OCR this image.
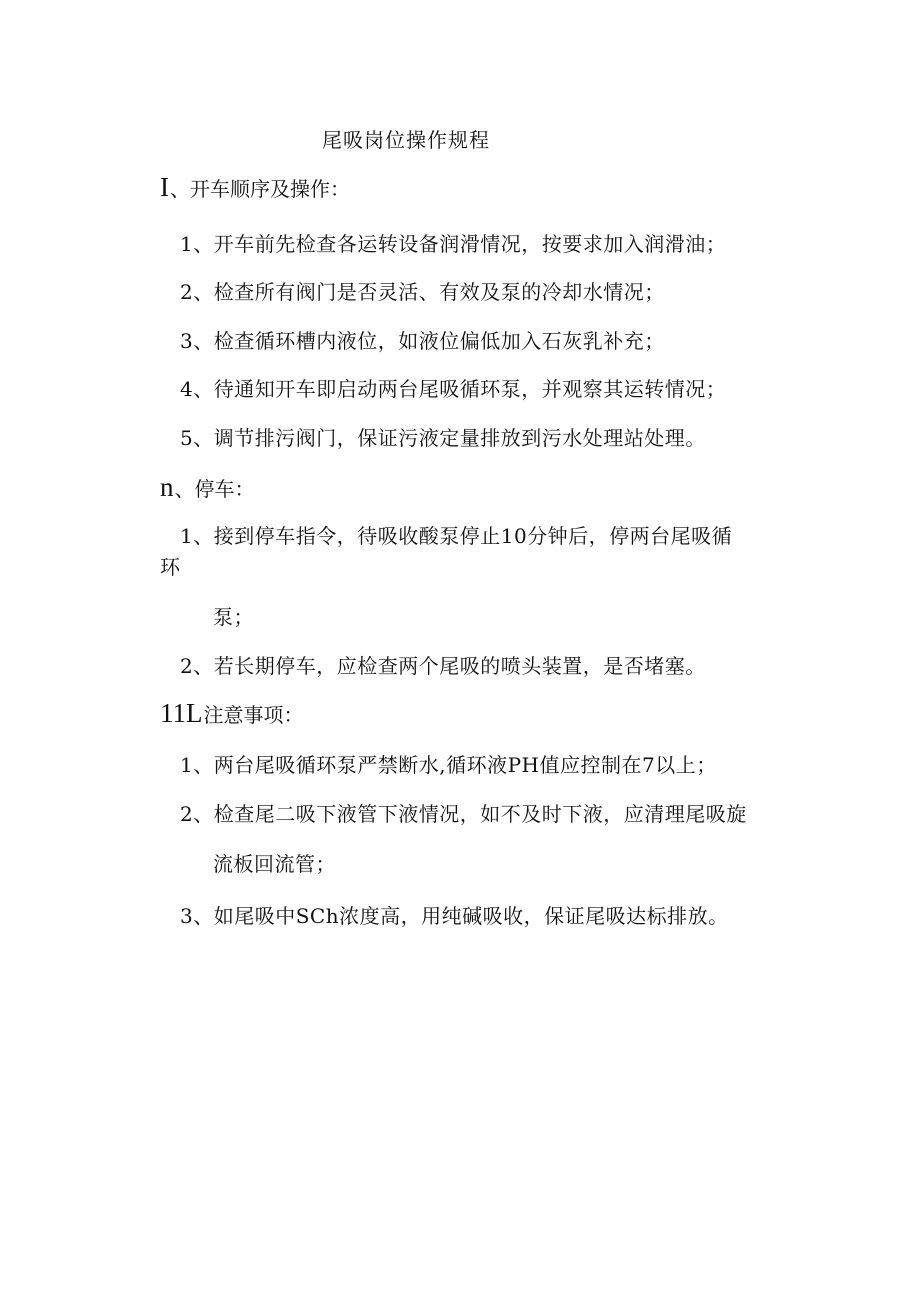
尾吸岗位操作规程
I、开车顺序及操作：
1、开车前先检查各运转设备润滑情况，按要求加入润滑油；
2、检查所有阀门是否灵活、有效及泵的冷却水情况；
3、检查循环槽内液位，如液位偏低加入石灰乳补充；
4、待通知开车即启动两台尾吸循环泵，并观察其运转情况；
5、调节排污阀门，保证污液定量排放到污水处理站处理。
n、停车：
1、接到停车指令，待吸收酸泵停止10分钟后，停两台尾吸循
环
泵；
2、若长期停车，应检查两个尾吸的喷头装置，是否堵塞。
11L注意事项：
1、两台尾吸循环泵严禁断水,循环液PH值应控制在7以上；
2、检查尾二吸下液管下液情况，如不及时下液，应清理尾吸旋
流板回流管；
3、如尾吸中SCh浓度高，用纯碱吸收，保证尾吸达标排放。
